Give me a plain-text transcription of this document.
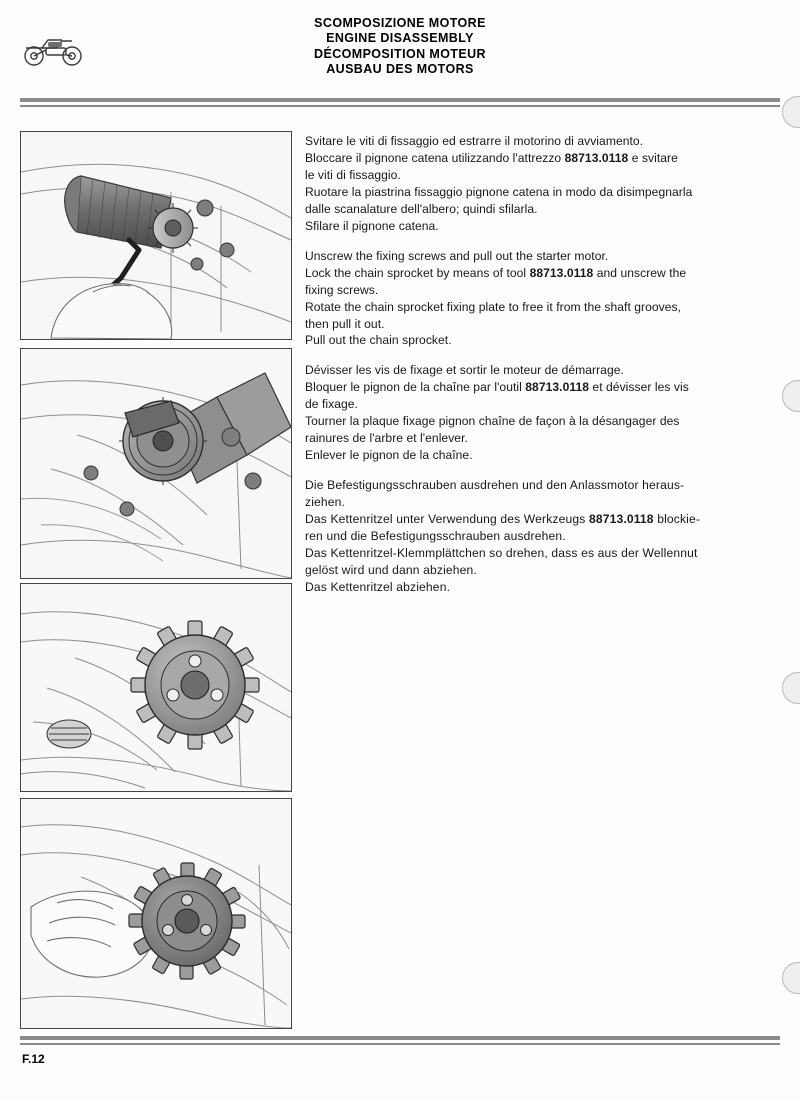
SCOMPOSIZIONE MOTORE
ENGINE DISASSEMBLY
DÉCOMPOSITION MOTEUR
AUSBAU DES MOTORS

Svitare le viti di fissaggio ed estrarre il motorino di avviamento.

Bloccare il pignone catena utilizzando l'attrezzo 88713.0118 e svitare

le viti di fissaggio.

Ruotare la piastrina fissaggio pignone catena in modo da disimpegnarla

dalle scanalature dell'albero; quindi sfilarla.

Sfilare il pignone catena.

Unscrew the fixing screws and pull out the starter motor.

Lock the chain sprocket by means of tool 88713.0118 and unscrew the

fixing screws.

Rotate the chain sprocket fixing plate to free it from the shaft grooves,

then pull it out.

Pull out the chain sprocket.

Dévisser les vis de fixage et sortir le moteur de démarrage.

Bloquer le pignon de la chaîne par l'outil 88713.0118 et dévisser les vis

de fixage.

Tourner la plaque fixage pignon chaîne de façon à la désangager des

rainures de l'arbre et l'enlever.

Enlever le pignon de la chaîne.

Die Befestigungsschrauben ausdrehen und den Anlassmotor heraus-

ziehen.

Das Kettenritzel unter Verwendung des Werkzeugs 88713.0118 blockie-

ren und die Befestigungsschrauben ausdrehen.

Das Kettenritzel-Klemmplättchen so drehen, dass es aus der Wellennut

gelöst wird und dann abziehen.

Das Kettenritzel abziehen.

F.12
